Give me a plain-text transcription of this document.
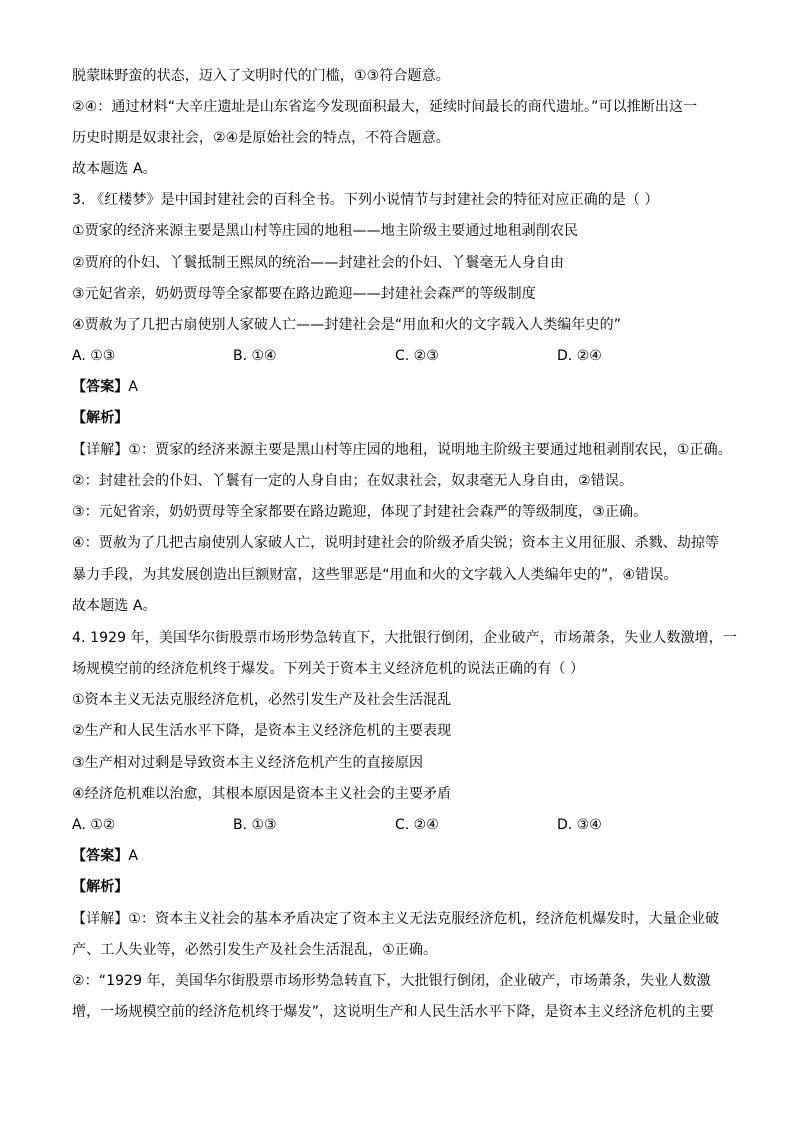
脱蒙昧野蛮的状态，迈入了文明时代的门槛，①③符合题意。
②④：通过材料“大辛庄遗址是山东省迄今发现面积最大，延续时间最长的商代遗址。”可以推断出这一
历史时期是奴隶社会，②④是原始社会的特点，不符合题意。
故本题选 A。
3. 《红楼梦》是中国封建社会的百科全书。下列小说情节与封建社会的特征对应正确的是（ ）
①贾家的经济来源主要是黑山村等庄园的地租——地主阶级主要通过地租剥削农民
②贾府的仆妇、丫鬟抵制王熙凤的统治——封建社会的仆妇、丫鬟毫无人身自由
③元妃省亲，奶奶贾母等全家都要在路边跪迎——封建社会森严的等级制度
④贾赦为了几把古扇使别人家破人亡——封建社会是“用血和火的文字载入人类编年史的”
A. ①③	B. ①④	C. ②③	D. ②④
【答案】A
【解析】
【详解】①：贾家的经济来源主要是黑山村等庄园的地租，说明地主阶级主要通过地租剥削农民，①正确。
②：封建社会的仆妇、丫鬟有一定的人身自由；在奴隶社会，奴隶毫无人身自由，②错误。
③：元妃省亲，奶奶贾母等全家都要在路边跪迎，体现了封建社会森严的等级制度，③正确。
④：贾赦为了几把古扇使别人家破人亡，说明封建社会的阶级矛盾尖锐；资本主义用征服、杀戮、劫掠等
暴力手段，为其发展创造出巨额财富，这些罪恶是“用血和火的文字载入人类编年史的”，④错误。
故本题选 A。
4. 1929 年，美国华尔街股票市场形势急转直下，大批银行倒闭，企业破产，市场萧条，失业人数激增，一
场规模空前的经济危机终于爆发。下列关于资本主义经济危机的说法正确的有（ ）
①资本主义无法克服经济危机，必然引发生产及社会生活混乱
②生产和人民生活水平下降，是资本主义经济危机的主要表现
③生产相对过剩是导致资本主义经济危机产生的直接原因
④经济危机难以治愈，其根本原因是资本主义社会的主要矛盾
A. ①②	B. ①③	C. ②④	D. ③④
【答案】A
【解析】
【详解】①：资本主义社会的基本矛盾决定了资本主义无法克服经济危机，经济危机爆发时，大量企业破
产、工人失业等，必然引发生产及社会生活混乱，①正确。
②：“1929 年，美国华尔街股票市场形势急转直下，大批银行倒闭，企业破产，市场萧条，失业人数激
增，一场规模空前的经济危机终于爆发”，这说明生产和人民生活水平下降，是资本主义经济危机的主要
